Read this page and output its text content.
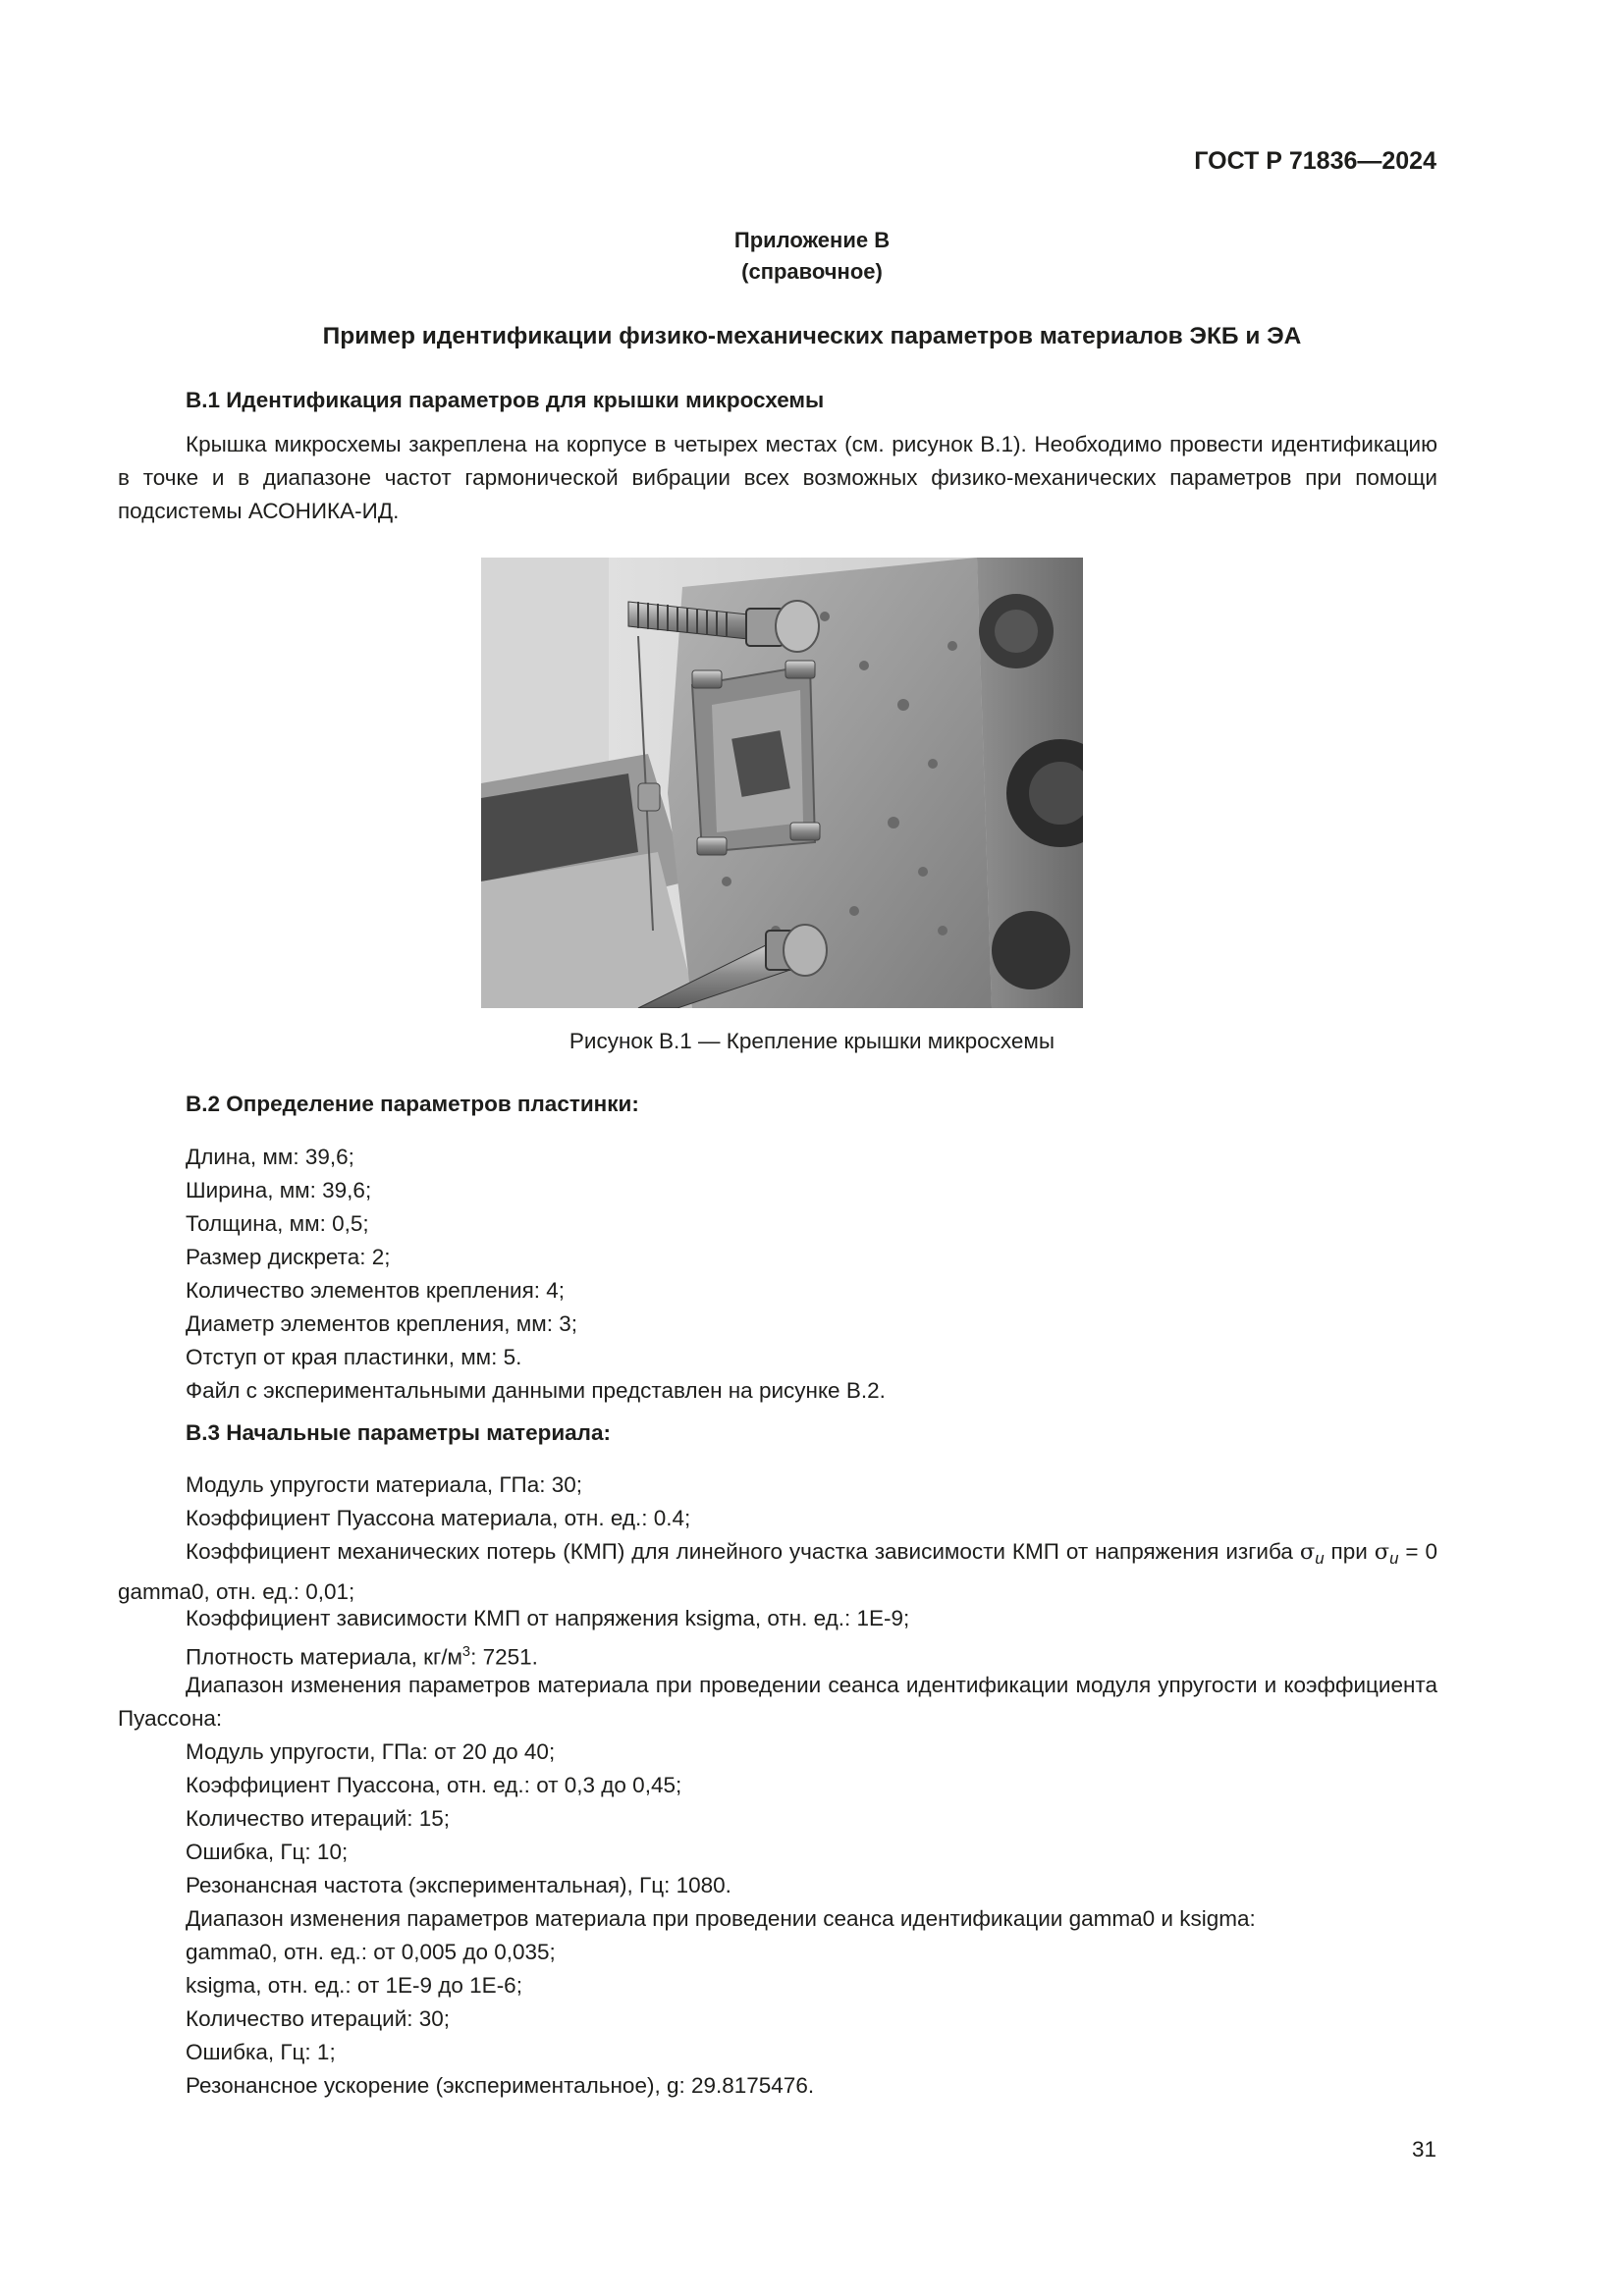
ГОСТ Р 71836—2024
Приложение В
(справочное)
Пример идентификации физико-механических параметров материалов ЭКБ и ЭА
В.1 Идентификация параметров для крышки микросхемы

Крышка микросхемы закреплена на корпусе в четырех местах (см. рисунок В.1). Необходимо провести идентификацию в точке и в диапазоне частот гармонической вибрации всех возможных физико-механических параметров при помощи подсистемы АСОНИКА-ИД.

Рисунок В.1 — Крепление крышки микросхемы
В.2 Определение параметров пластинки:
Длина, мм: 39,6;
Ширина, мм: 39,6;
Толщина, мм: 0,5;
Размер дискрета: 2;
Количество элементов крепления: 4;
Диаметр элементов крепления, мм: 3;
Отступ от края пластинки, мм: 5.
Файл с экспериментальными данными представлен на рисунке В.2.
В.3 Начальные параметры материала:
Модуль упругости материала, ГПа: 30;
Коэффициент Пуассона материала, отн. ед.: 0.4;

Коэффициент механических потерь (КМП) для линейного участка зависимости КМП от напряжения изгиба $\sigma_u$ при $\sigma_u = 0$ gamma0, отн. ед.: 0,01;

Коэффициент зависимости КМП от напряжения ksigma, отн. ед.: 1Е-9;
Плотность материала, $кг/м^3$: 7251.

Диапазон изменения параметров материала при проведении сеанса идентификации модуля упругости и коэффициента Пуассона:

Модуль упругости, ГПа: от 20 до 40;
Коэффициент Пуассона, отн. ед.: от 0,3 до 0,45;
Количество итераций: 15;
Ошибка, Гц: 10;
Резонансная частота (экспериментальная), Гц: 1080.
Диапазон изменения параметров материала при проведении сеанса идентификации gamma0 и ksigma:
gamma0, отн. ед.: от 0,005 до 0,035;
ksigma, отн. ед.: от 1Е-9 до 1Е-6;
Количество итераций: 30;
Ошибка, Гц: 1;
Резонансное ускорение (экспериментальное), g: 29.8175476.
31
